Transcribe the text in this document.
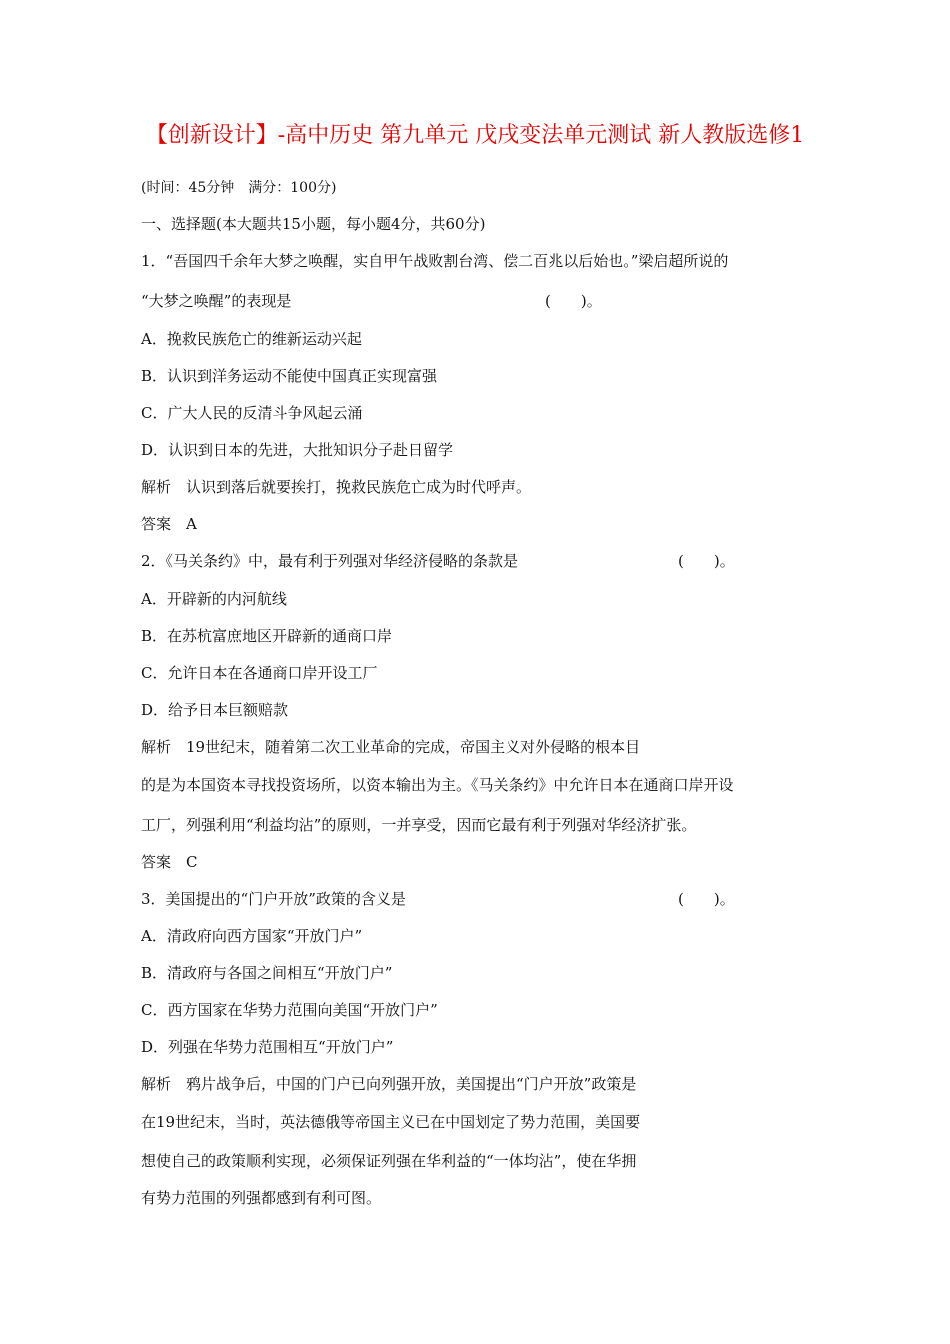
【创新设计】-高中历史 第九单元 戊戌变法单元测试 新人教版选修1

(时间：45分钟　满分：100分)

一、选择题(本大题共15小题，每小题4分，共60分)

1．“吾国四千余年大梦之唤醒，实自甲午战败割台湾、偿二百兆以后始也。”梁启超所说的

“大梦之唤醒”的表现是	(　　)。

A．挽救民族危亡的维新运动兴起

B．认识到洋务运动不能使中国真正实现富强

C．广大人民的反清斗争风起云涌

D．认识到日本的先进，大批知识分子赴日留学

解析　认识到落后就要挨打，挽救民族危亡成为时代呼声。

答案　A

2．《马关条约》中，最有利于列强对华经济侵略的条款是	(　　)。

A．开辟新的内河航线

B．在苏杭富庶地区开辟新的通商口岸

C．允许日本在各通商口岸开设工厂

D．给予日本巨额赔款

解析　19世纪末，随着第二次工业革命的完成，帝国主义对外侵略的根本目

的是为本国资本寻找投资场所，以资本输出为主。《马关条约》中允许日本在通商口岸开设

工厂，列强利用“利益均沾”的原则，一并享受，因而它最有利于列强对华经济扩张。

答案　C

3．美国提出的“门户开放”政策的含义是	(　　)。

A．清政府向西方国家“开放门户”

B．清政府与各国之间相互“开放门户”

C．西方国家在华势力范围向美国“开放门户”

D．列强在华势力范围相互“开放门户”

解析　鸦片战争后，中国的门户已向列强开放，美国提出“门户开放”政策是

在19世纪末，当时，英法德俄等帝国主义已在中国划定了势力范围，美国要

想使自己的政策顺利实现，必须保证列强在华利益的“一体均沾”，使在华拥

有势力范围的列强都感到有利可图。
